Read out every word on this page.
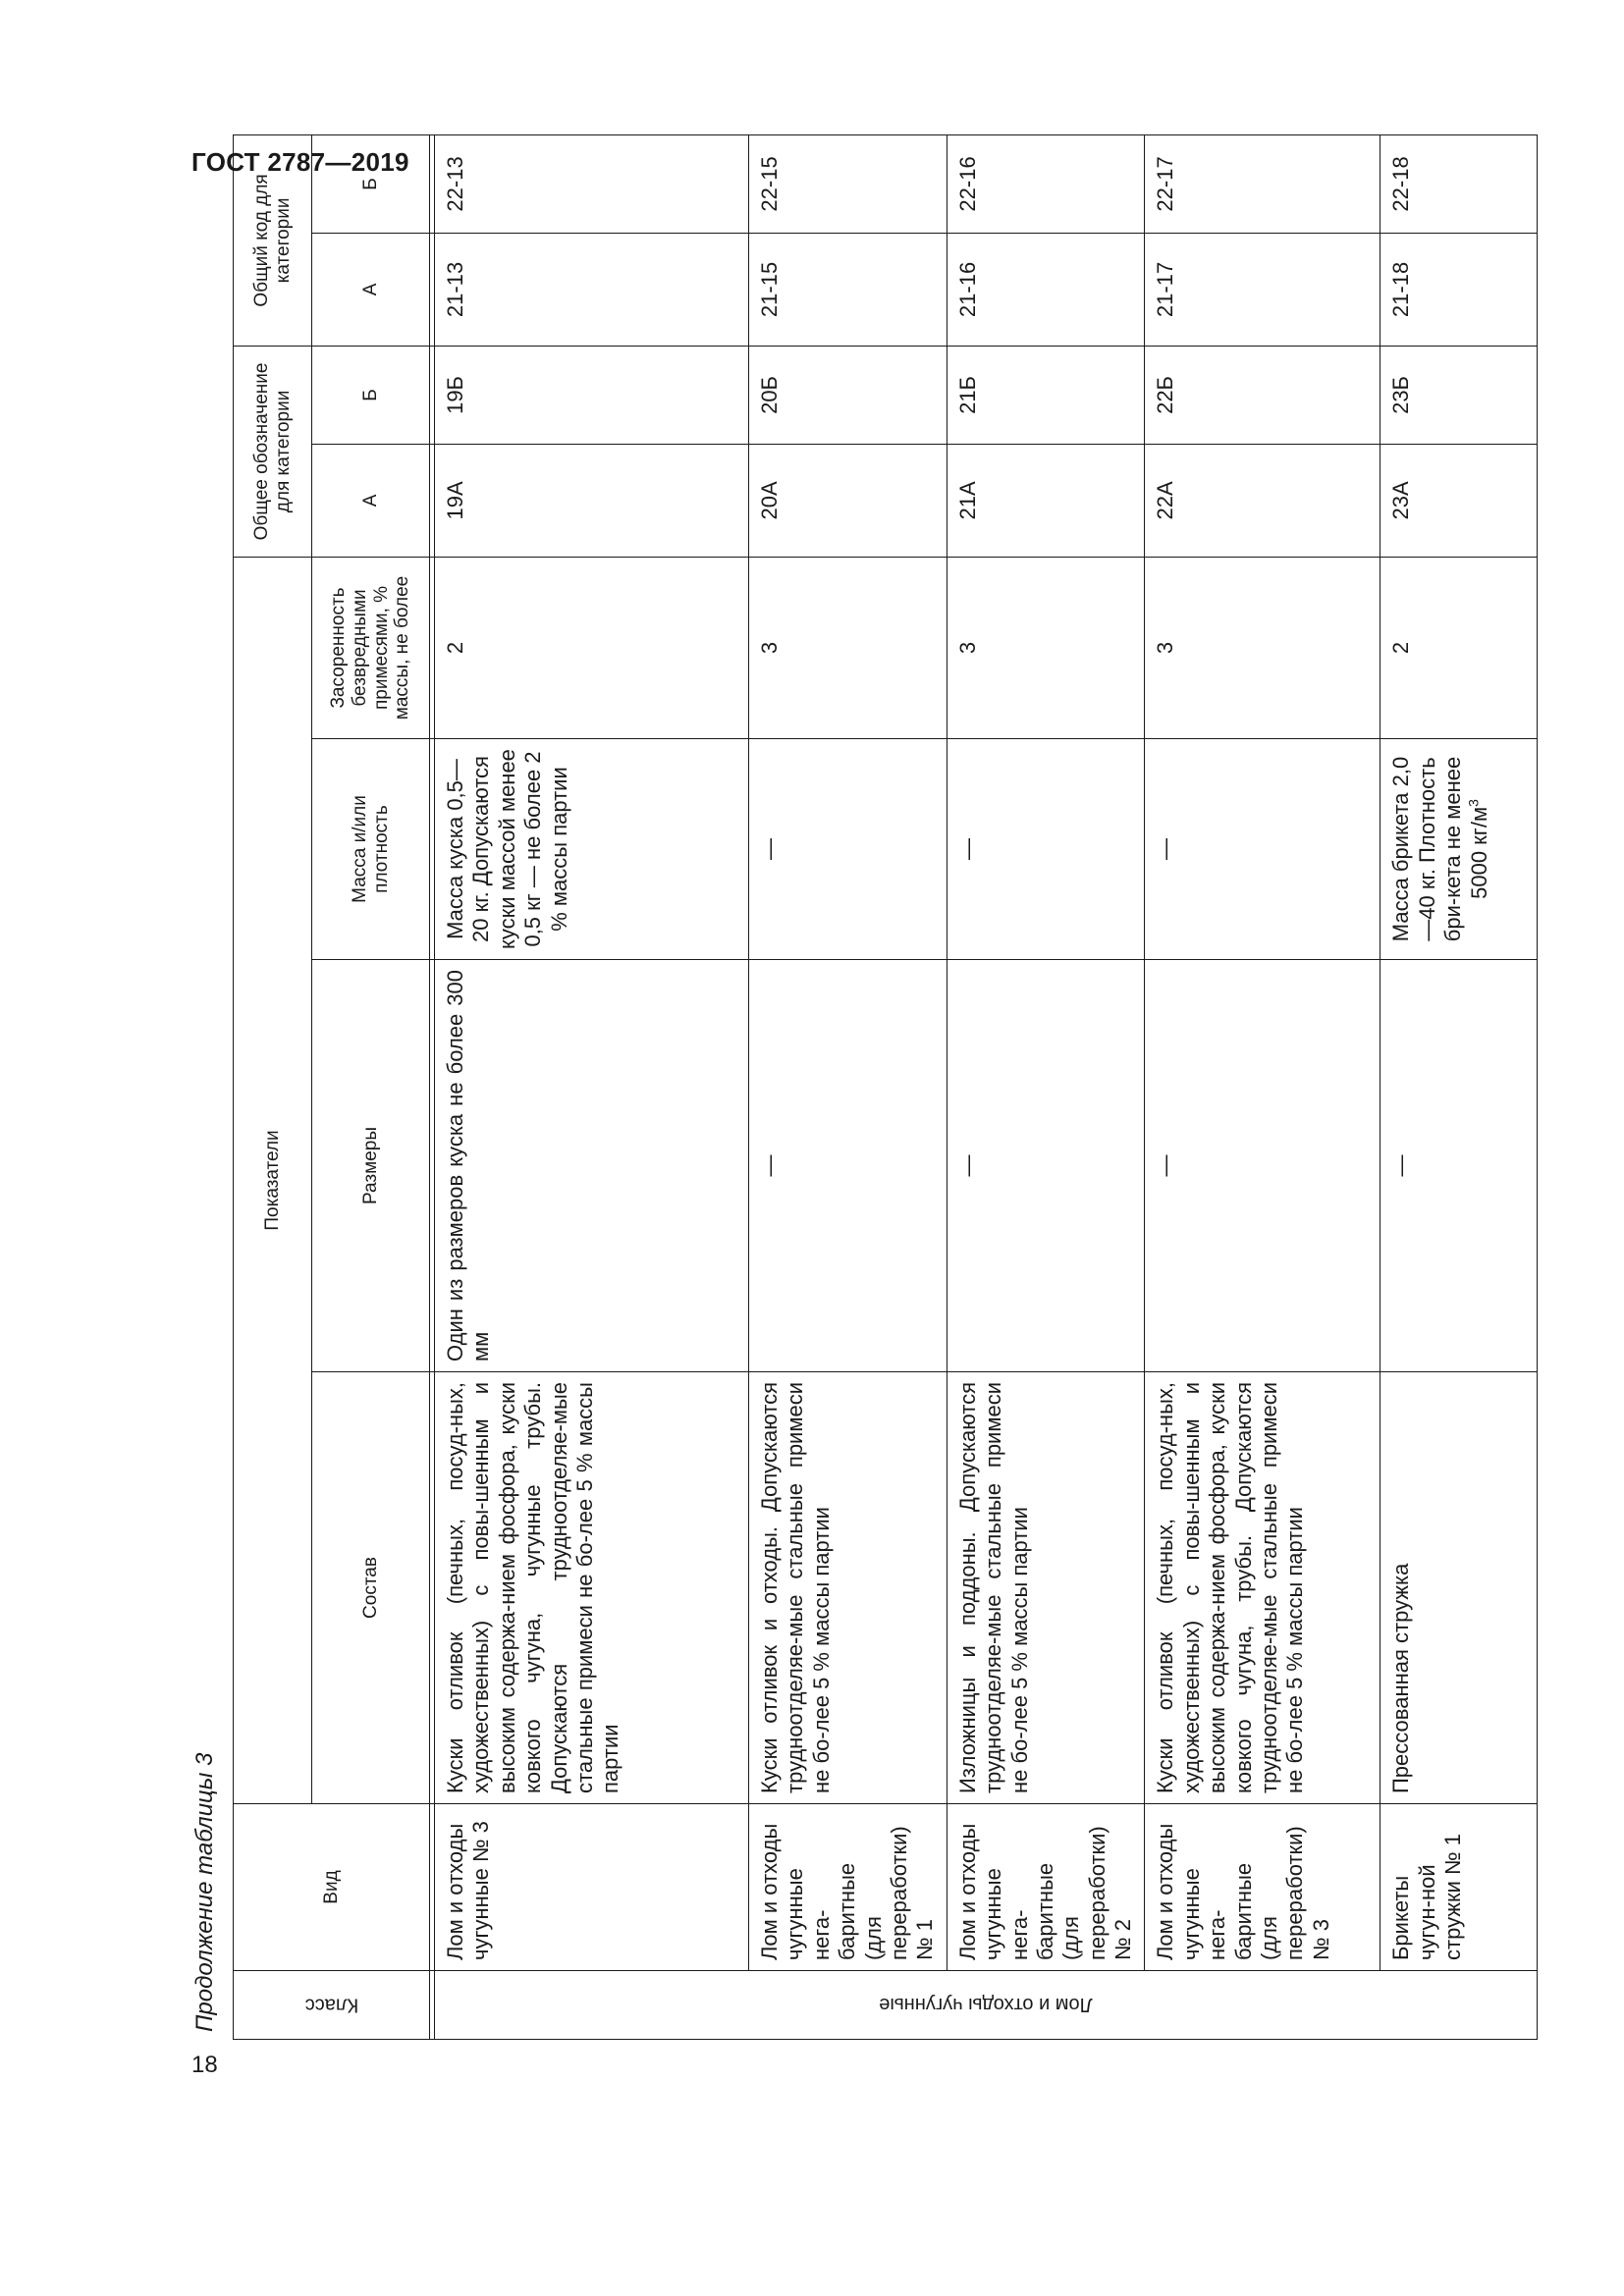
ГОСТ 2787—2019
Продолжение таблицы 3
18
Класс	Вид	Показатели				Общее обозначение для категории		Общий код для категории	
		Состав	Размеры	Масса и/или плотность	Засоренность безвредными примесями, % массы, не более	А	Б	А	Б

Лом и отходы чугунные	Лом и отходы чугунные № 3	Куски отливок (печных, посуд-ных, художественных) с повы-шенным и высоким содержа-нием фосфора, куски ковкого чугуна, чугунные трубы. Допускаются трудноотделяе-мые стальные примеси не бо-лее 5 % массы партии	Один из размеров куска не более 300 мм	Масса куска 0,5—20 кг. Допускаются куски массой менее 0,5 кг — не более 2 % массы партии	2	19А	19Б	21-13	22-13
	Лом и отходы чугунные нега-баритные (для переработки) № 1	Куски отливок и отходы. Допускаются трудноотделяе-мые стальные примеси не бо-лее 5 % массы партии	—	—	3	20А	20Б	21-15	22-15
	Лом и отходы чугунные нега-баритные (для переработки) № 2	Изложницы и поддоны. Допускаются трудноотделяе-мые стальные примеси не бо-лее 5 % массы партии	—	—	3	21А	21Б	21-16	22-16
	Лом и отходы чугунные нега-баритные (для переработки) № 3	Куски отливок (печных, посуд-ных, художественных) с повы-шенным и высоким содержа-нием фосфора, куски ковкого чугуна, трубы. Допускаются трудноотделяе-мые стальные примеси не бо-лее 5 % массы партии	—	—	3	22А	22Б	21-17	22-17
	Брикеты чугун-ной стружки № 1	Прессованная стружка	—	Масса брикета 2,0—40 кг. Плотность бри-кета не менее 5000 $кг/м^3$	2	23А	23Б	21-18	22-18
